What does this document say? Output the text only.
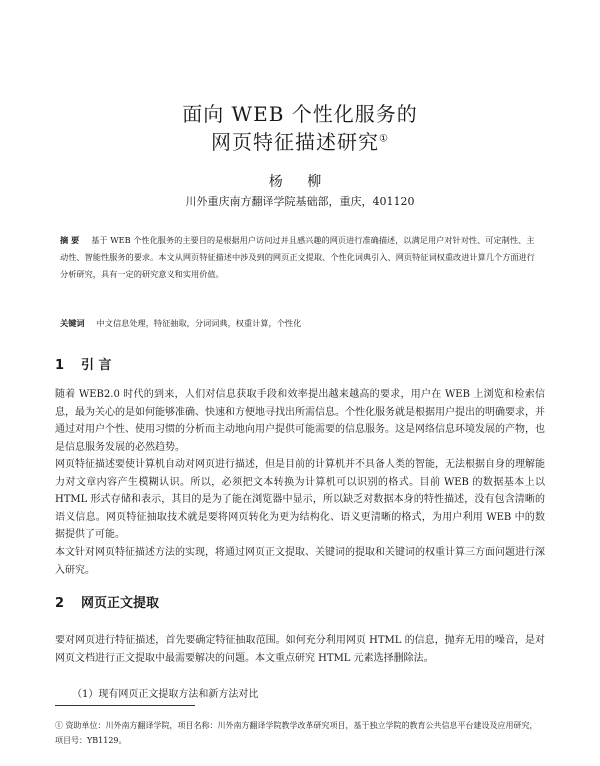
面向 WEB 个性化服务的
网页特征描述研究①
杨 柳
川外重庆南方翻译学院基础部，重庆，401120
摘 要 基于 WEB 个性化服务的主要目的是根据用户访问过并且感兴趣的网页进行准确描述，以满足用户对针对性、可定制性、主动性、智能性服务的要求。本文从网页特征描述中涉及到的网页正文提取、个性化词典引入、网页特征词权重改进计算几个方面进行分析研究，具有一定的研究意义和实用价值。
关键词 中文信息处理，特征抽取，分词词典，权重计算，个性化
1 引 言
随着 WEB2.0 时代的到来，人们对信息获取手段和效率提出越来越高的要求，用户在 WEB 上浏览和检索信息，最为关心的是如何能够准确、快速和方便地寻找出所需信息。个性化服务就是根据用户提出的明确要求，并通过对用户个性、使用习惯的分析而主动地向用户提供可能需要的信息服务。这是网络信息环境发展的产物，也是信息服务发展的必然趋势。
网页特征描述要使计算机自动对网页进行描述，但是目前的计算机并不具备人类的智能，无法根据自身的理解能力对文章内容产生模糊认识。所以，必须把文本转换为计算机可以识别的格式。目前 WEB 的数据基本上以 HTML 形式存储和表示，其目的是为了能在浏览器中显示，所以缺乏对数据本身的特性描述，没有包含清晰的语义信息。网页特征抽取技术就是要将网页转化为更为结构化、语义更清晰的格式，为用户利用 WEB 中的数据提供了可能。
本文针对网页特征描述方法的实现，将通过网页正文提取、关键词的提取和关键词的权重计算三方面问题进行深入研究。
2 网页正文提取
要对网页进行特征描述，首先要确定特征抽取范围。如何充分利用网页 HTML 的信息，抛弃无用的噪音，是对网页文档进行正文提取中最需要解决的问题。本文重点研究 HTML 元素选择删除法。
（1）现有网页正文提取方法和新方法对比
① 资助单位：川外南方翻译学院，项目名称：川外南方翻译学院教学改革研究项目，基于独立学院的教育公共信息平台建设及应用研究，项目号：YB1129。
